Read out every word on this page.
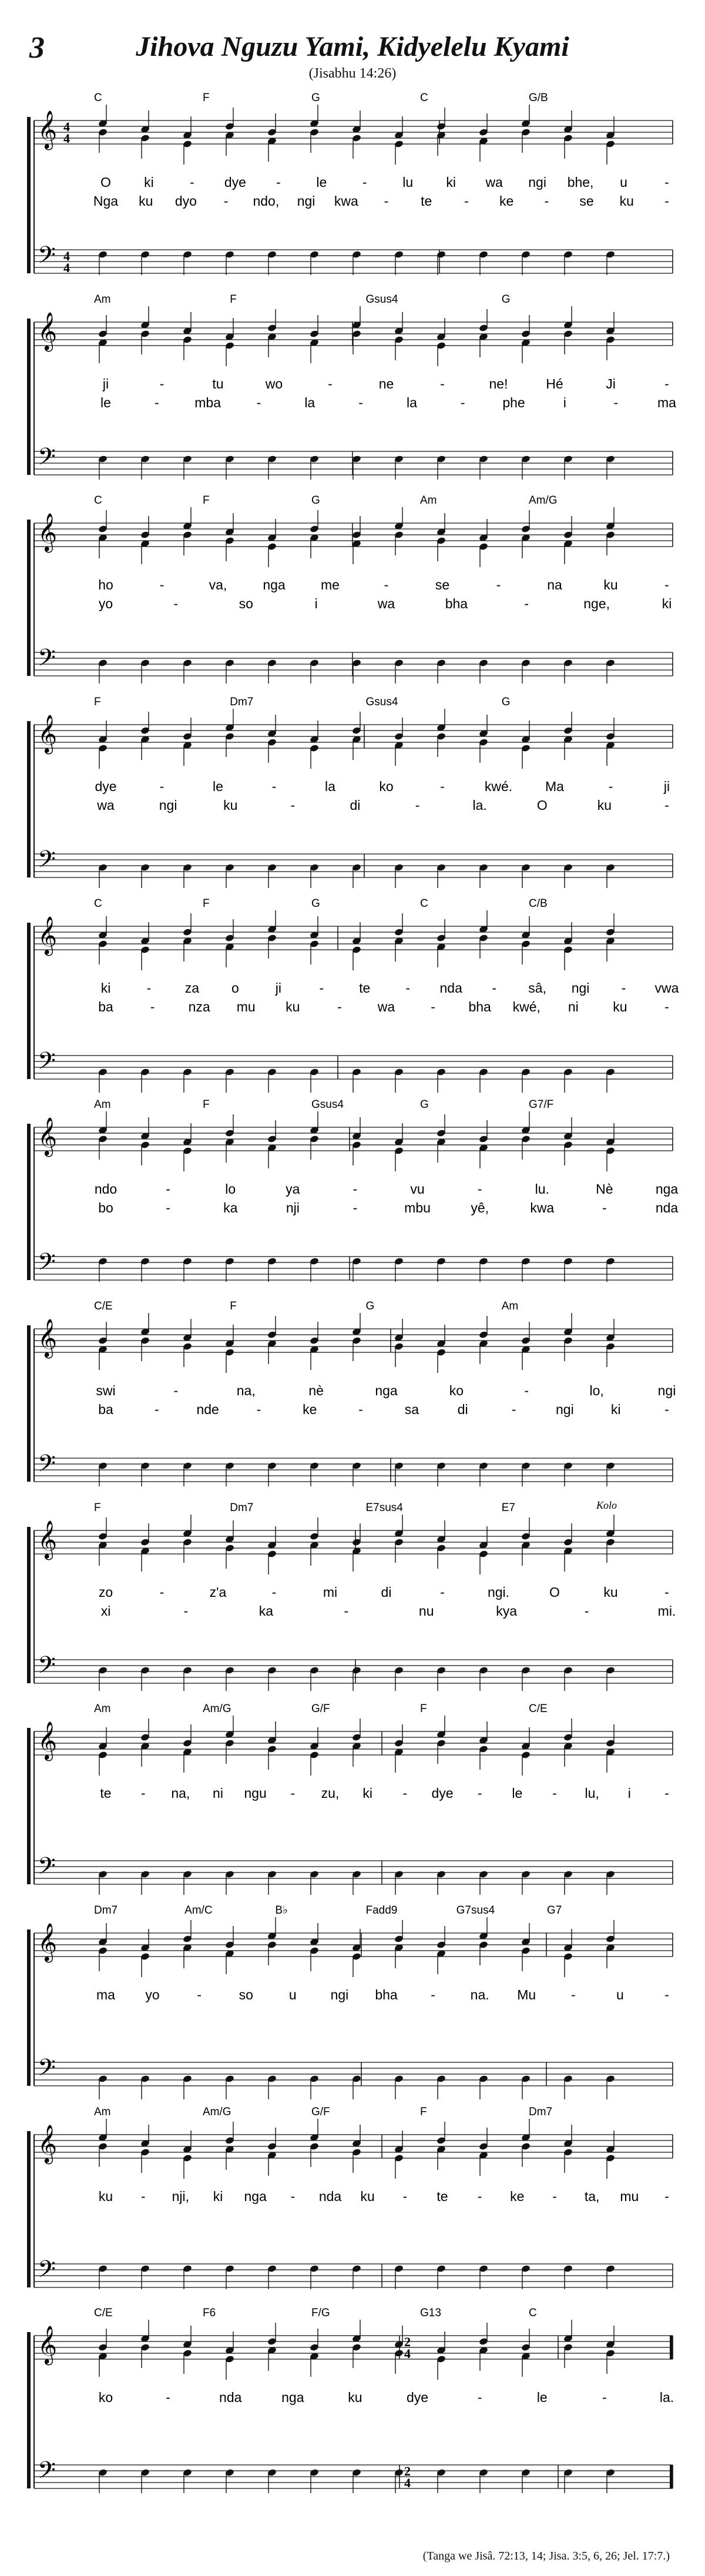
3	Jihova Nguzu Yami, Kidyelelu Kyami
(Jisabhu 14:26)
𝄞
𝄢
4
4
4
4
C	F	G	C	G/B
O ki	- dye -	le	-	lu ki wa ngi bhe, u	-
Nga ku dyo - ndo, ngi kwa - te - ke - se ku -
𝄞
𝄢
Am	F	Gsus4	G
ji	-	tu	wo	-	ne	-	ne!	Hé	Ji	-
le	-	mba	-	la	-	la	-	phe	i	-	ma
𝄞
𝄢
C	F	G	Am	Am/G
ho	-	va,	nga	me	-	se	-	na	ku	-
yo	-	so	i	wa	bha	-	nge,	ki
𝄞
𝄢
F	Dm7	Gsus4	G
dye	-	le	-	la	ko	-	kwé. Ma	-	ji
wa	ngi	ku	-	di	-	la.	O	ku	-
𝄞
𝄢
C	F	G	C	C/B
ki	- za o	ji	-	te	- nda - sâ, ngi - vwa
ba	- nza mu ku	-	wa	- bha kwé, ni	ku	-
𝄞
𝄢
Am	F	Gsus4	G	G7/F
ndo	-	lo	ya	-	vu	-	lu.	Nè	nga
bo	-	ka	nji	-	mbu	yê,	kwa	-	nda
𝄞
𝄢
C/E	F	G	Am
swi	-	na,	nè	nga	ko	-	lo,	ngi
ba	-	nde	-	ke	-	sa	di	-	ngi	ki	-
𝄞
𝄢
F	Dm7	E7sus4	E7	Kolo
zo	-	z'a	-	mi	di	-	ngi.	O	ku	-
xi	-	ka	-	nu	kya	-	mi.
𝄞
𝄢
Am	Am/G	G/F	F	C/E
te - na, ni ngu - zu, ki - dye - le - lu, i -
𝄞
𝄢
Dm7	Am/C	B♭	Fadd9	G7sus4	G7
ma yo	-	so	u	ngi bha -	na. Mu	-	u	-
𝄞
𝄢
Am	Am/G	G/F	F	Dm7
ku - nji, ki nga - nda ku - te - ke - ta, mu -
𝄞
𝄢
C/E	F6	F/G	G13	C
2
4
2
4
ko	-	nda	nga	ku	dye	-	le	-	la.
(Tanga we Jisâ. 72:13, 14; Jisa. 3:5, 6, 26; Jel. 17:7.)
